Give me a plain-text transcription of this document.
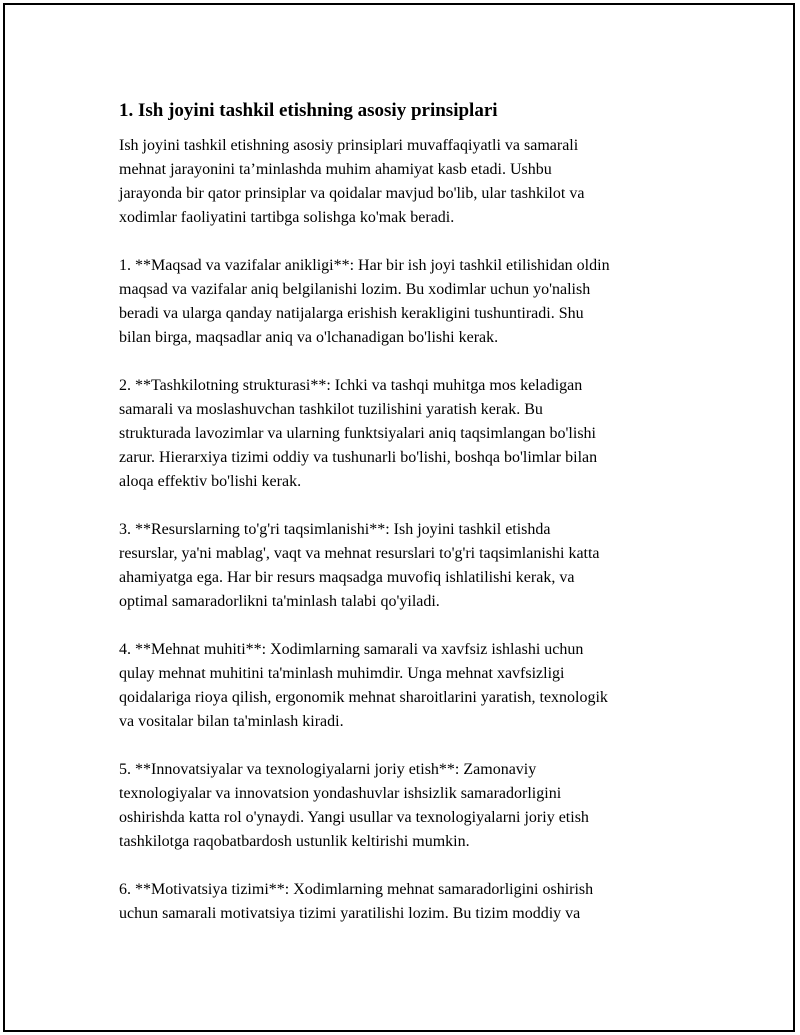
1. Ish joyini tashkil etishning asosiy prinsiplari

Ish joyini tashkil etishning asosiy prinsiplari muvaffaqiyatli va samarali
mehnat jarayonini ta’minlashda muhim ahamiyat kasb etadi. Ushbu
jarayonda bir qator prinsiplar va qoidalar mavjud bo'lib, ular tashkilot va
xodimlar faoliyatini tartibga solishga ko'mak beradi.

1. **Maqsad va vazifalar anikligi**: Har bir ish joyi tashkil etilishidan oldin
maqsad va vazifalar aniq belgilanishi lozim. Bu xodimlar uchun yo'nalish
beradi va ularga qanday natijalarga erishish kerakligini tushuntiradi. Shu
bilan birga, maqsadlar aniq va o'lchanadigan bo'lishi kerak.

2. **Tashkilotning strukturasi**: Ichki va tashqi muhitga mos keladigan
samarali va moslashuvchan tashkilot tuzilishini yaratish kerak. Bu
strukturada lavozimlar va ularning funktsiyalari aniq taqsimlangan bo'lishi
zarur. Hierarxiya tizimi oddiy va tushunarli bo'lishi, boshqa bo'limlar bilan
aloqa effektiv bo'lishi kerak.

3. **Resurslarning to'g'ri taqsimlanishi**: Ish joyini tashkil etishda
resurslar, ya'ni mablag', vaqt va mehnat resurslari to'g'ri taqsimlanishi katta
ahamiyatga ega. Har bir resurs maqsadga muvofiq ishlatilishi kerak, va
optimal samaradorlikni ta'minlash talabi qo'yiladi.

4. **Mehnat muhiti**: Xodimlarning samarali va xavfsiz ishlashi uchun
qulay mehnat muhitini ta'minlash muhimdir. Unga mehnat xavfsizligi
qoidalariga rioya qilish, ergonomik mehnat sharoitlarini yaratish, texnologik
va vositalar bilan ta'minlash kiradi.

5. **Innovatsiyalar va texnologiyalarni joriy etish**: Zamonaviy
texnologiyalar va innovatsion yondashuvlar ishsizlik samaradorligini
oshirishda katta rol o'ynaydi. Yangi usullar va texnologiyalarni joriy etish
tashkilotga raqobatbardosh ustunlik keltirishi mumkin.

6. **Motivatsiya tizimi**: Xodimlarning mehnat samaradorligini oshirish
uchun samarali motivatsiya tizimi yaratilishi lozim. Bu tizim moddiy va
